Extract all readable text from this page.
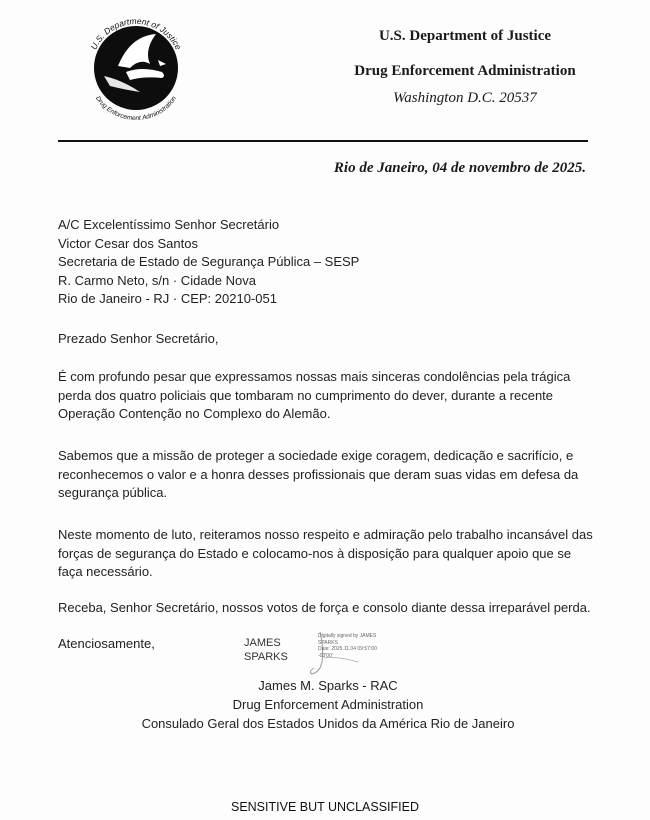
U.S. Department of Justice
Drug Enforcement Administration
U.S. Department of Justice
Drug Enforcement Administration
Washington D.C. 20537
Rio de Janeiro, 04 de novembro de 2025.
A/C Excelentíssimo Senhor Secretário
Victor Cesar dos Santos
Secretaria de Estado de Segurança Pública – SESP
R. Carmo Neto, s/n · Cidade Nova
Rio de Janeiro - RJ · CEP: 20210-051
Prezado Senhor Secretário,
É com profundo pesar que expressamos nossas mais sinceras condolências pela trágica perda dos quatro policiais que tombaram no cumprimento do dever, durante a recente Operação Contenção no Complexo do Alemão.
Sabemos que a missão de proteger a sociedade exige coragem, dedicação e sacrifício, e reconhecemos o valor e a honra desses profissionais que deram suas vidas em defesa da segurança pública.
Neste momento de luto, reiteramos nosso respeito e admiração pelo trabalho incansável das forças de segurança do Estado e colocamo-nos à disposição para qualquer apoio que se faça necessário.
Receba, Senhor Secretário, nossos votos de força e consolo diante dessa irreparável perda.
Atenciosamente,	JAMES
SPARKS
Digitally signed by JAMES
SPARKS
Date: 2025.11.04 09:57:00
-03'00'
James M. Sparks - RAC
Drug Enforcement Administration
Consulado Geral dos Estados Unidos da América Rio de Janeiro
SENSITIVE BUT UNCLASSIFIED
